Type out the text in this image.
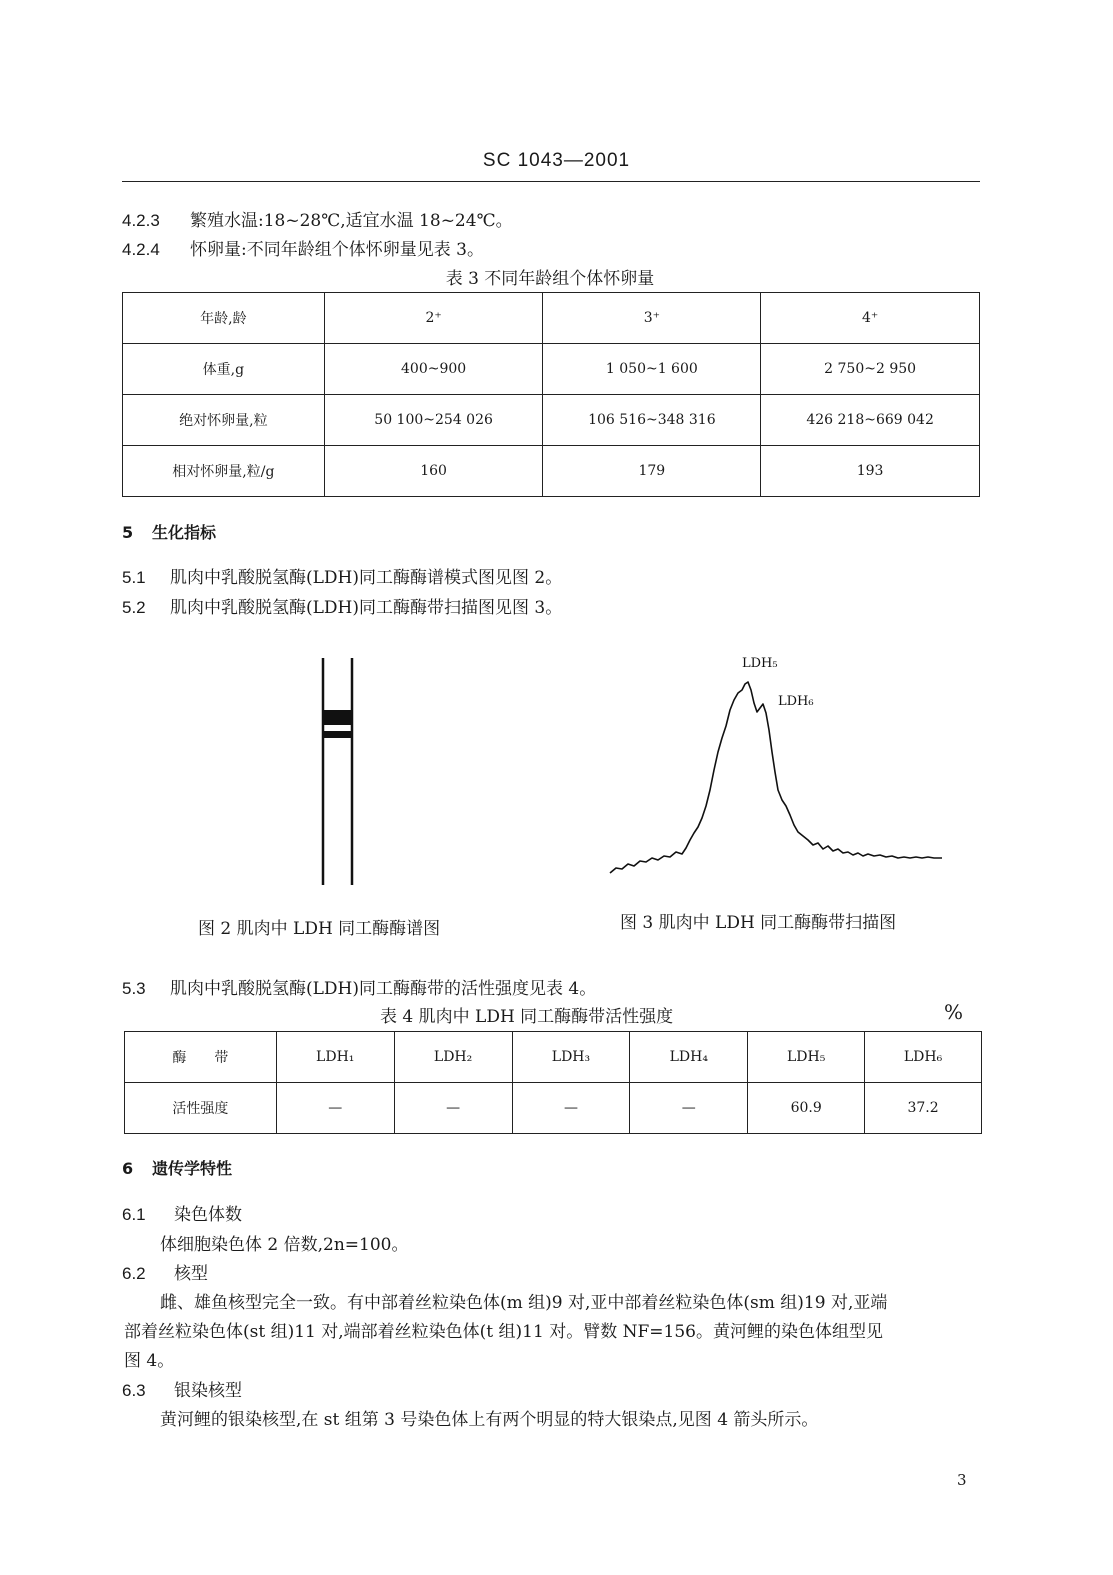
SC 1043—2001
4.2.3 繁殖水温:18~28℃,适宜水温 18~24℃。
4.2.4 怀卵量:不同年龄组个体怀卵量见表 3。
表 3 不同年龄组个体怀卵量
年龄,龄	2⁺	3⁺	4⁺
体重,g	400~900	1 050~1 600	2 750~2 950
绝对怀卵量,粒	50 100~254 026	106 516~348 316	426 218~669 042
相对怀卵量,粒/g	160	179	193
5 生化指标
5.1 肌肉中乳酸脱氢酶(LDH)同工酶酶谱模式图见图 2。
5.2 肌肉中乳酸脱氢酶(LDH)同工酶酶带扫描图见图 3。
LDH₅
LDH₆
图 2 肌肉中 LDH 同工酶酶谱图	图 3 肌肉中 LDH 同工酶酶带扫描图
5.3 肌肉中乳酸脱氢酶(LDH)同工酶酶带的活性强度见表 4。
表 4 肌肉中 LDH 同工酶酶带活性强度	%
酶　　带	LDH₁	LDH₂	LDH₃	LDH₄	LDH₅	LDH₆
活性强度	—	—	—	—	60.9	37.2
6 遗传学特性
6.1 染色体数
体细胞染色体 2 倍数,2n=100。
6.2 核型
雌、雄鱼核型完全一致。有中部着丝粒染色体(m 组)9 对,亚中部着丝粒染色体(sm 组)19 对,亚端
部着丝粒染色体(st 组)11 对,端部着丝粒染色体(t 组)11 对。臂数 NF=156。黄河鲤的染色体组型见
图 4。
6.3 银染核型
黄河鲤的银染核型,在 st 组第 3 号染色体上有两个明显的特大银染点,见图 4 箭头所示。
3
